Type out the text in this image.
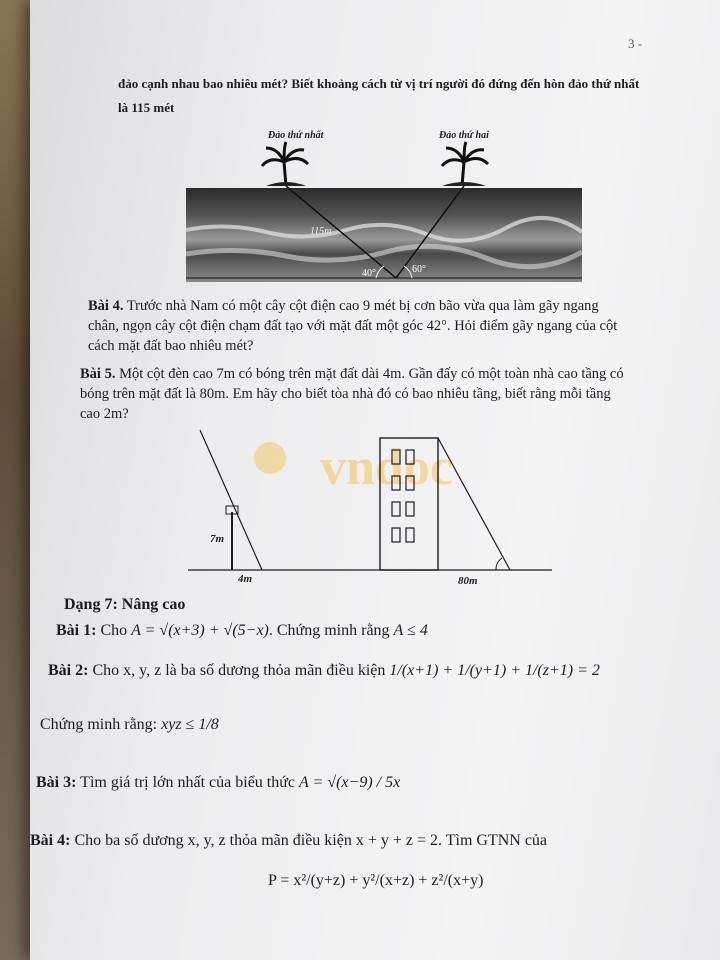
3 -
đảo cạnh nhau bao nhiêu mét? Biết khoảng cách từ vị trí người đó đứng đến hòn đảo thứ nhất
là 115 mét
Đảo thứ nhất	Đảo thứ hai
115m
40°	60°
Bài 4. Trước nhà Nam có một cây cột điện cao 9 mét bị cơn bão vừa qua làm gãy ngang
chân, ngọn cây cột điện chạm đất tạo với mặt đất một góc 42°. Hỏi điểm gãy ngang của cột
cách mặt đất bao nhiêu mét?
Bài 5. Một cột đèn cao 7m có bóng trên mặt đất dài 4m. Gần đấy có một toàn nhà cao tầng có
bóng trên mặt đất là 80m. Em hãy cho biết tòa nhà đó có bao nhiêu tầng, biết rằng mỗi tầng
cao 2m?
vndoc
7m
4m	80m
Dạng 7: Nâng cao
Bài 1: Cho A = √(x+3) + √(5−x). Chứng minh rằng A ≤ 4
Bài 2: Cho x, y, z là ba số dương thỏa mãn điều kiện 1/(x+1) + 1/(y+1) + 1/(z+1) = 2
Chứng minh rằng: xyz ≤ 1/8
Bài 3: Tìm giá trị lớn nhất của biểu thức A = √(x−9) / 5x
Bài 4: Cho ba số dương x, y, z thỏa mãn điều kiện x + y + z = 2. Tìm GTNN của
P = x²/(y+z) + y²/(x+z) + z²/(x+y)
